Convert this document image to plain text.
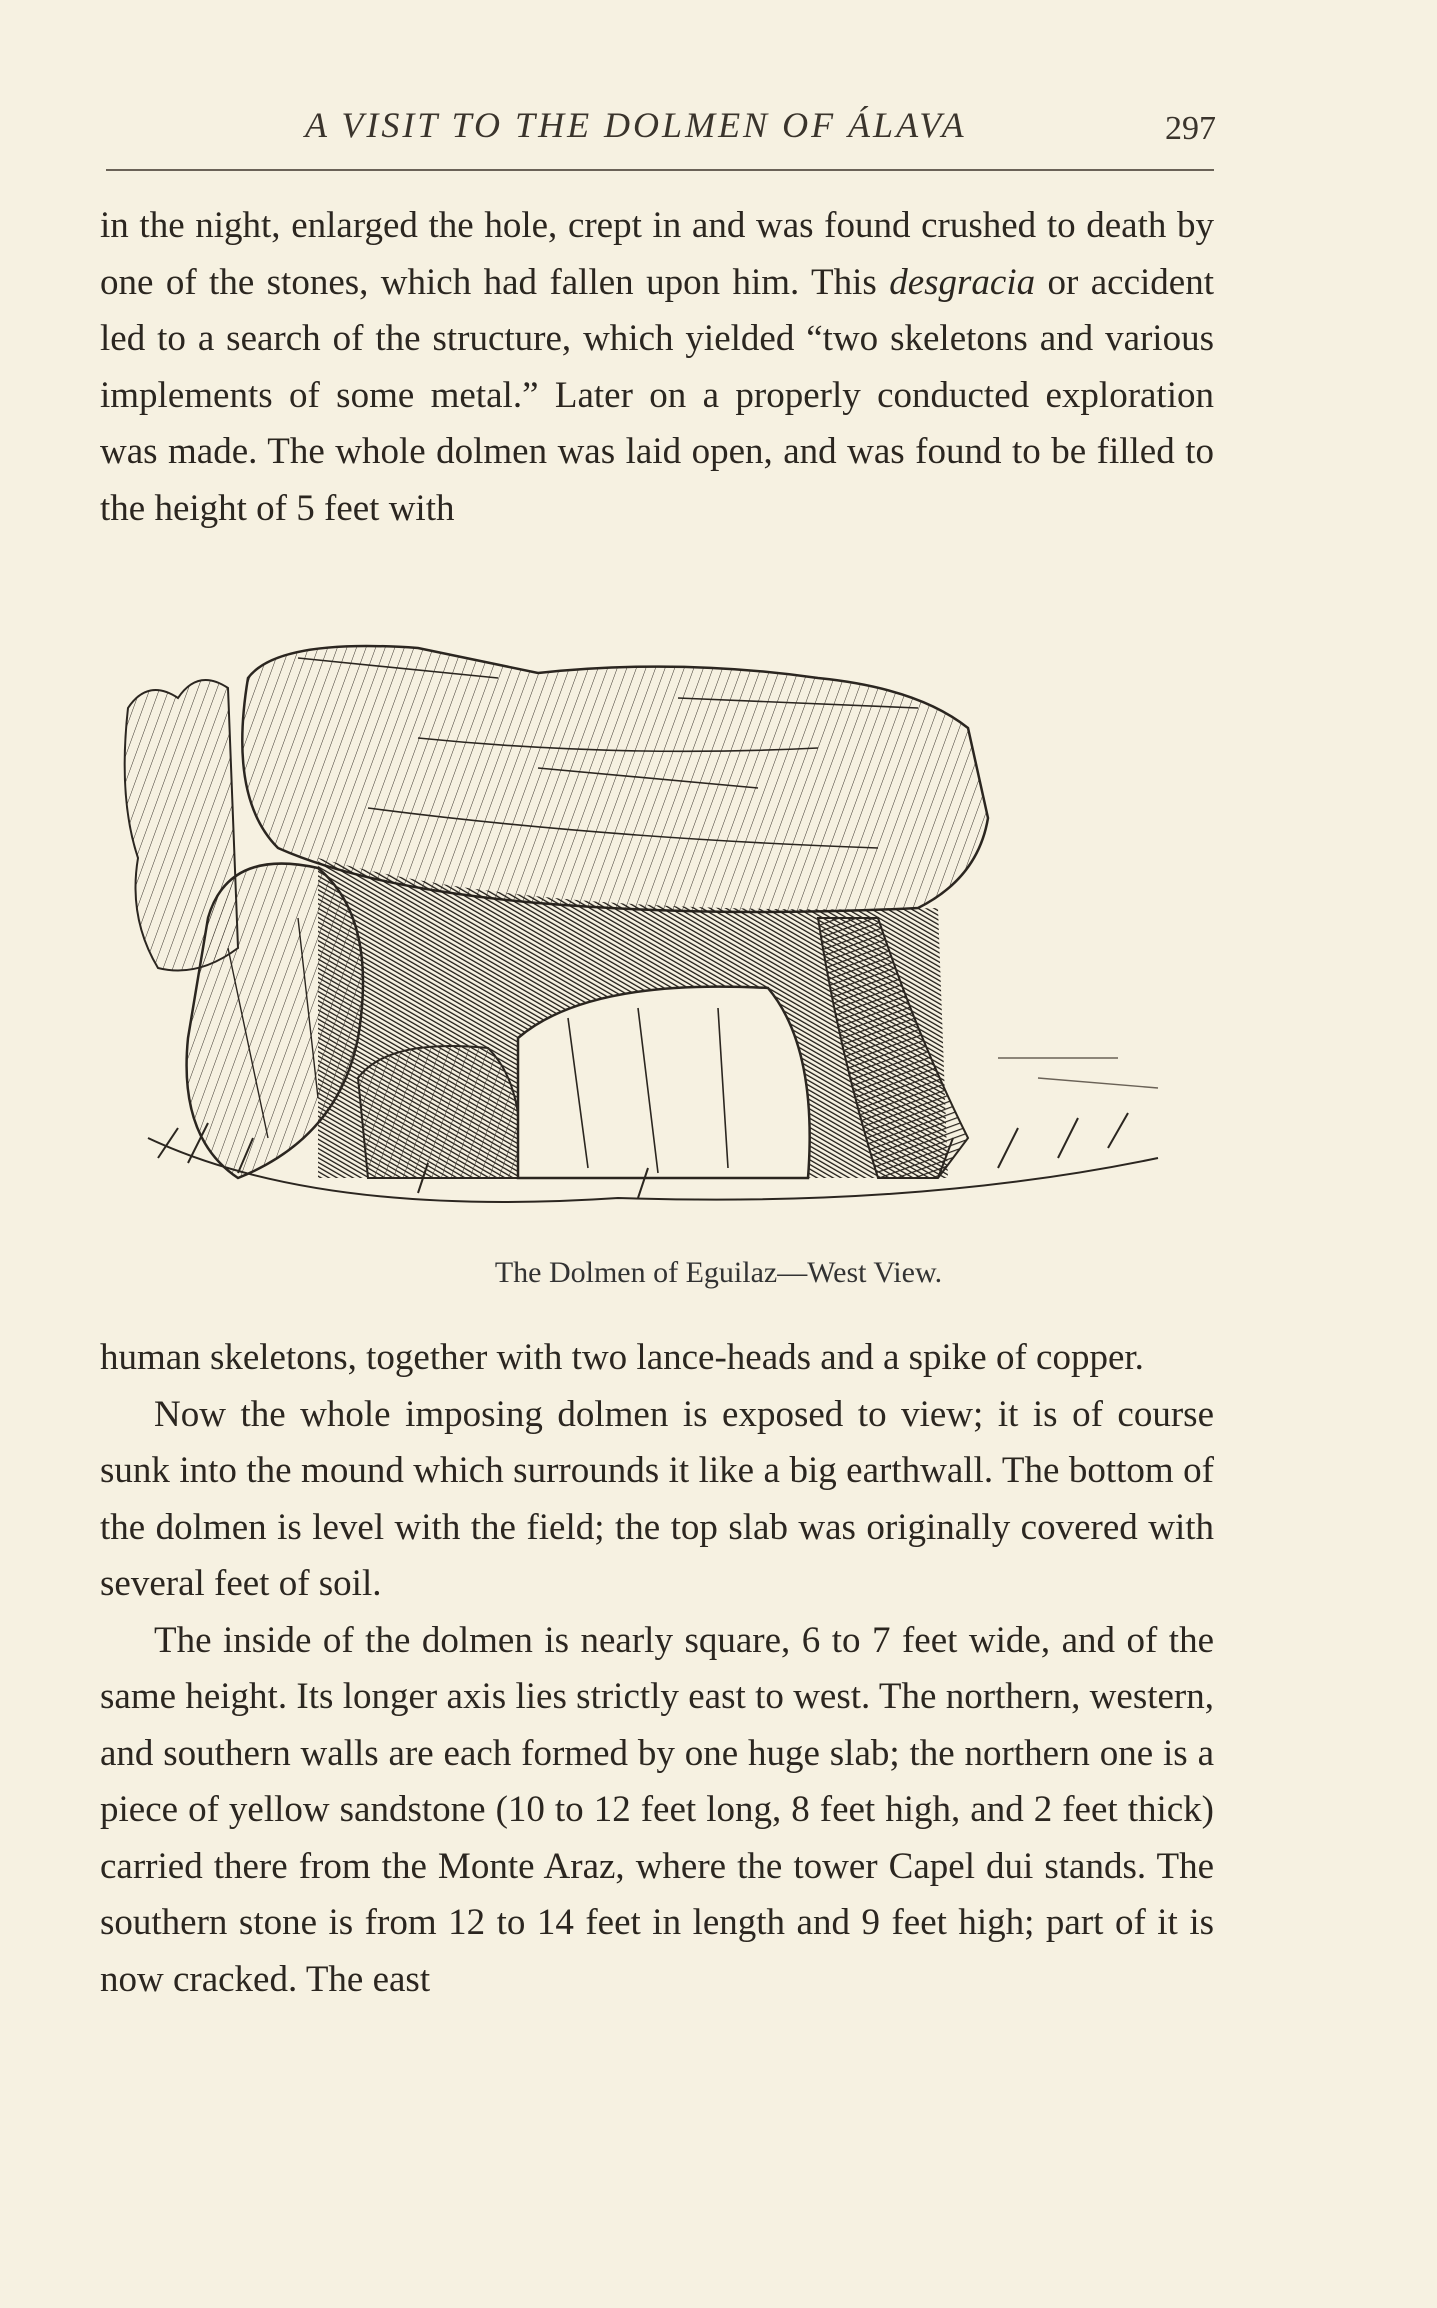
A VISIT TO THE DOLMEN OF ÁLAVA	297

in the night, enlarged the hole, crept in and was found crushed to death by one of the stones, which had fallen upon him. This desgracia or accident led to a search of the structure, which yielded “two skeletons and various implements of some metal.” Later on a properly conducted exploration was made. The whole dolmen was laid open, and was found to be filled to the height of 5 feet with

The Dolmen of Eguilaz—West View.

human skeletons, together with two lance-heads and a spike of copper.

Now the whole imposing dolmen is exposed to view; it is of course sunk into the mound which surrounds it like a big earthwall. The bottom of the dolmen is level with the field; the top slab was originally covered with several feet of soil.

The inside of the dolmen is nearly square, 6 to 7 feet wide, and of the same height. Its longer axis lies strictly east to west. The northern, western, and southern walls are each formed by one huge slab; the northern one is a piece of yellow sandstone (10 to 12 feet long, 8 feet high, and 2 feet thick) carried there from the Monte Araz, where the tower Capel dui stands. The southern stone is from 12 to 14 feet in length and 9 feet high; part of it is now cracked. The east
